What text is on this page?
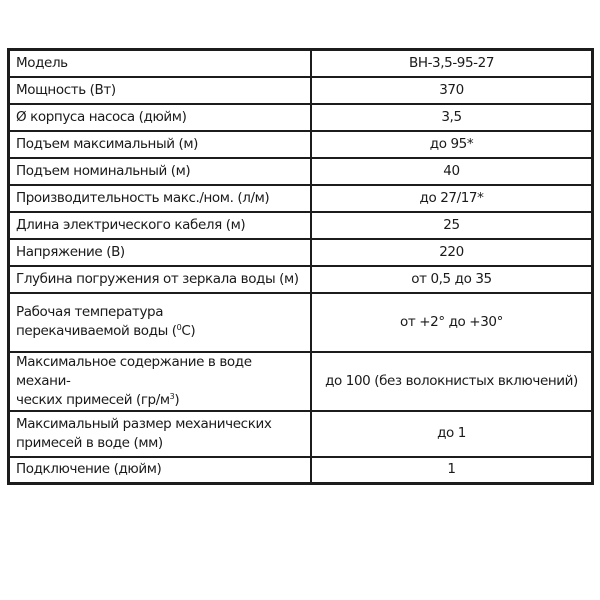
Модель	ВН-3,5-95-27
Мощность (Вт)	370
Ø корпуса насоса (дюйм)	3,5
Подъем максимальный (м)	до 95*
Подъем номинальный (м)	40
Производительность макс./ном. (л/м)	до 27/17*
Длина электрического кабеля (м)	25
Напряжение (В)	220
Глубина погружения от зеркала воды (м)	от 0,5 до 35
Рабочая температура
перекачиваемой воды ($^0$C)	от +2° до +30°
Максимальное содержание в воде механи-
ческих примесей $(гр/м^3)$	до 100 (без волокнистых включений)
Максимальный размер механических
примесей в воде (мм)	до 1
Подключение (дюйм)	1
